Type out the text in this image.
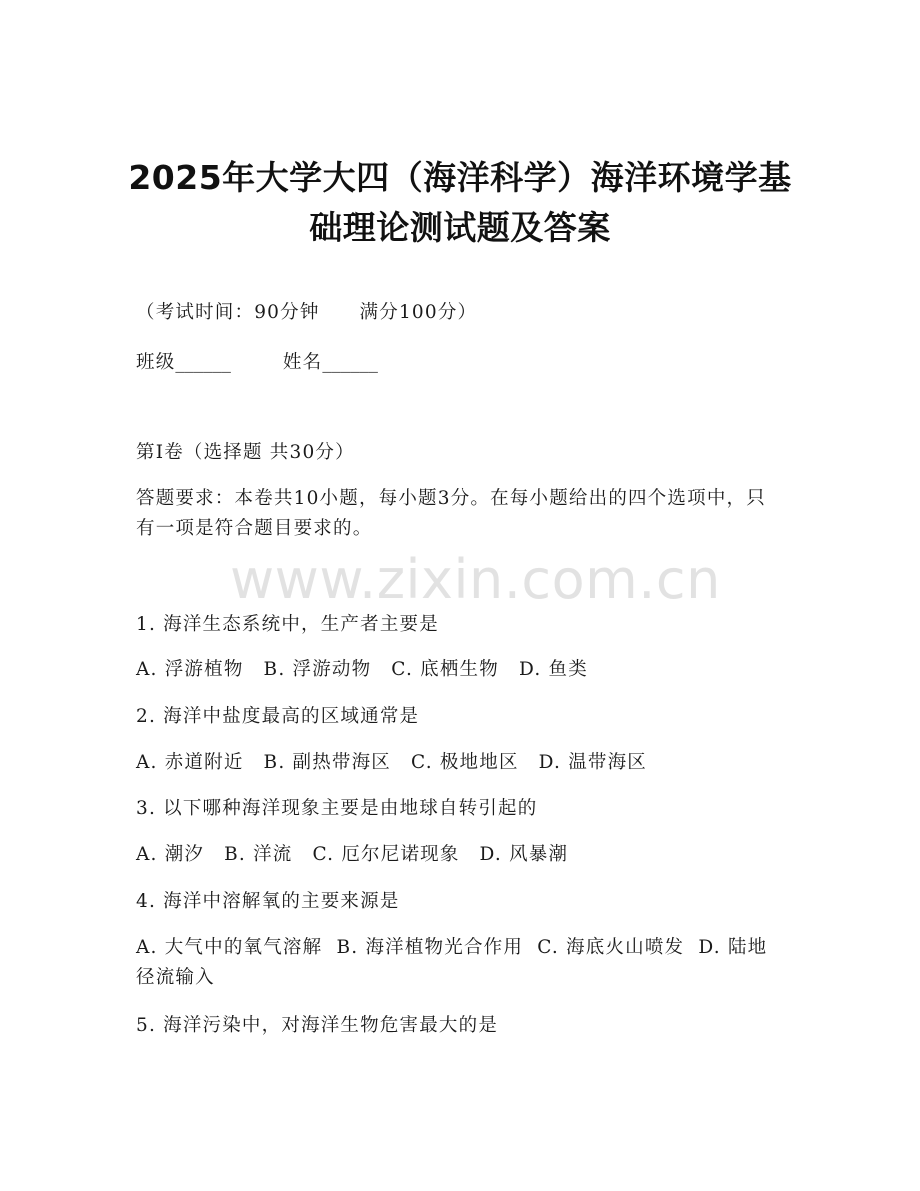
2025年大学大四（海洋科学）海洋环境学基
础理论测试题及答案
（考试时间：90分钟 满分100分）
班级______	姓名______
第Ⅰ卷（选择题 共30分）
答题要求：本卷共10小题，每小题3分。在每小题给出的四个选项中，只有一项是符合题目要求的。
www.zixin.com.cn
1. 海洋生态系统中，生产者主要是
A. 浮游植物 B. 浮游动物 C. 底栖生物 D. 鱼类
2. 海洋中盐度最高的区域通常是
A. 赤道附近 B. 副热带海区 C. 极地地区 D. 温带海区
3. 以下哪种海洋现象主要是由地球自转引起的
A. 潮汐 B. 洋流 C. 厄尔尼诺现象 D. 风暴潮
4. 海洋中溶解氧的主要来源是
A. 大气中的氧气溶解  B. 海洋植物光合作用  C. 海底火山喷发  D. 陆地径流输入
5. 海洋污染中，对海洋生物危害最大的是
